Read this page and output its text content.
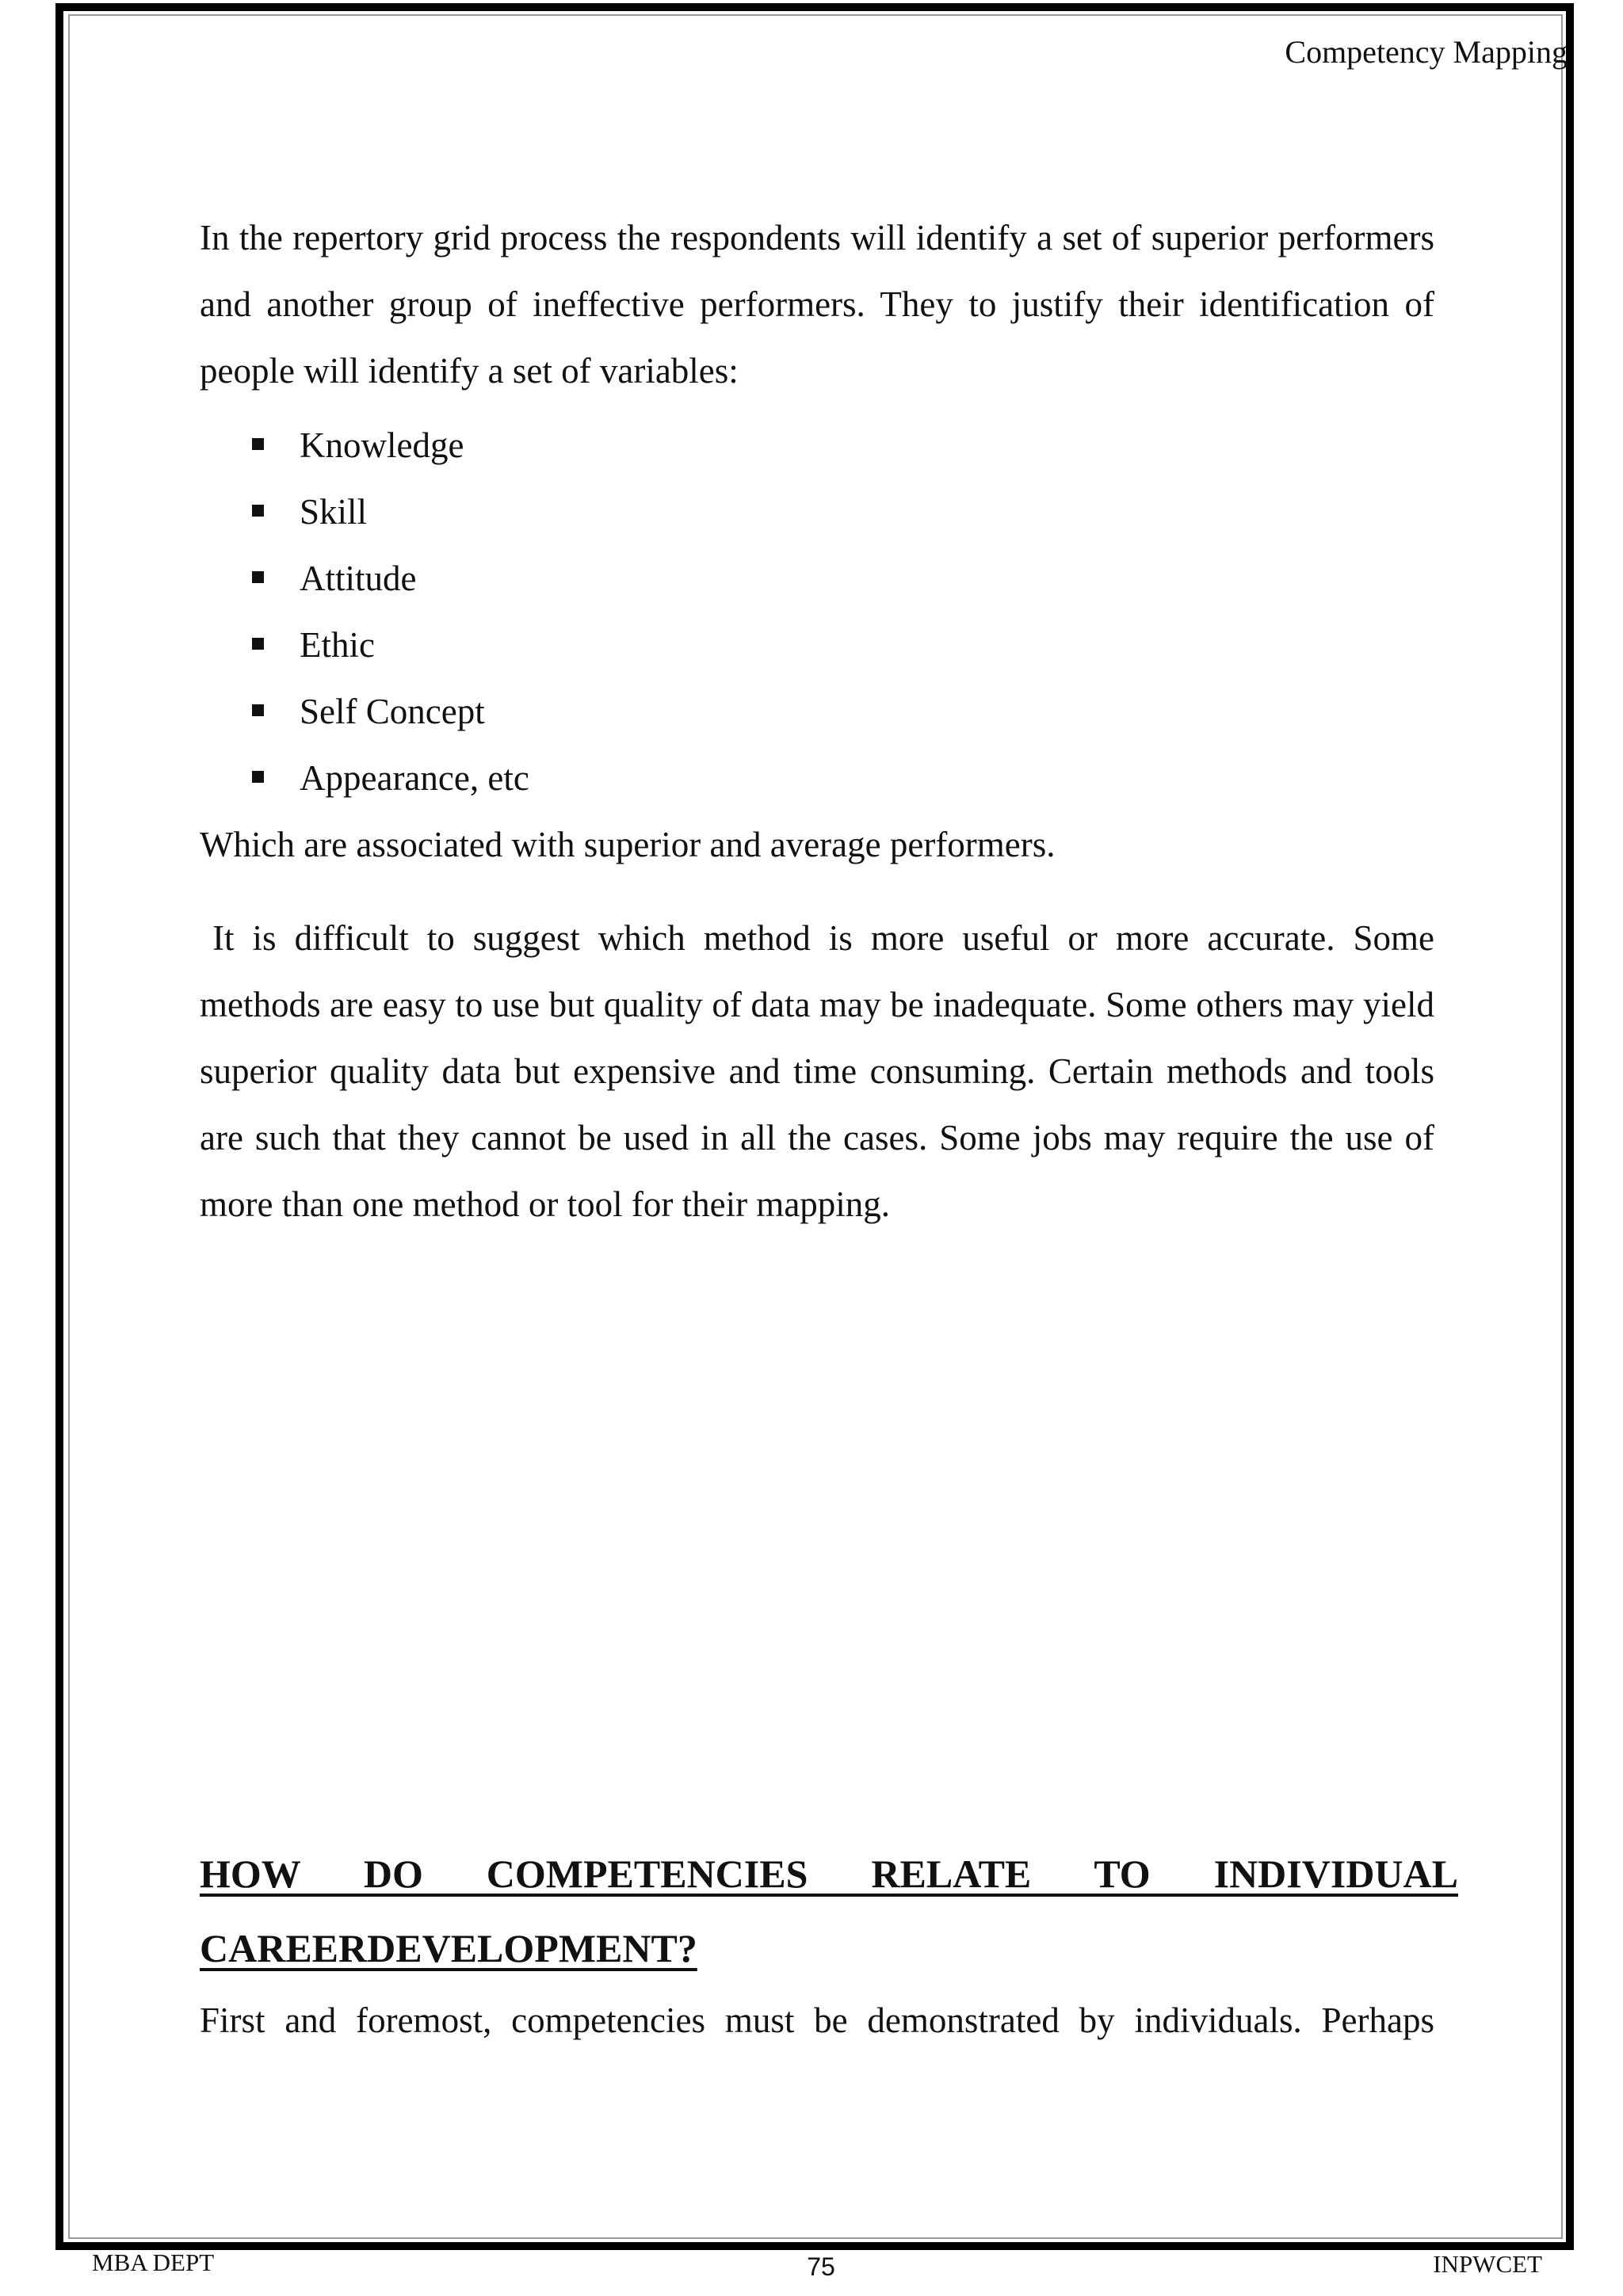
Competency Mapping

In the repertory grid process the respondents will identify a set of superior performers and another group of ineffective performers. They to justify their identification of people will identify a set of variables:

Knowledge
Skill
Attitude
Ethic
Self Concept
Appearance, etc

Which are associated with superior and average performers.

It is difficult to suggest which method is more useful or more accurate. Some methods are easy to use but quality of data may be inadequate. Some others may yield superior quality data but expensive and time consuming. Certain methods and tools are such that they cannot be used in all the cases. Some jobs may require the use of more than one method or tool for their mapping.

HOW DO COMPETENCIES RELATE TO INDIVIDUAL
CAREERDEVELOPMENT?

First and foremost, competencies must be demonstrated by individuals. Perhaps

MBA DEPT	75	INPWCET
